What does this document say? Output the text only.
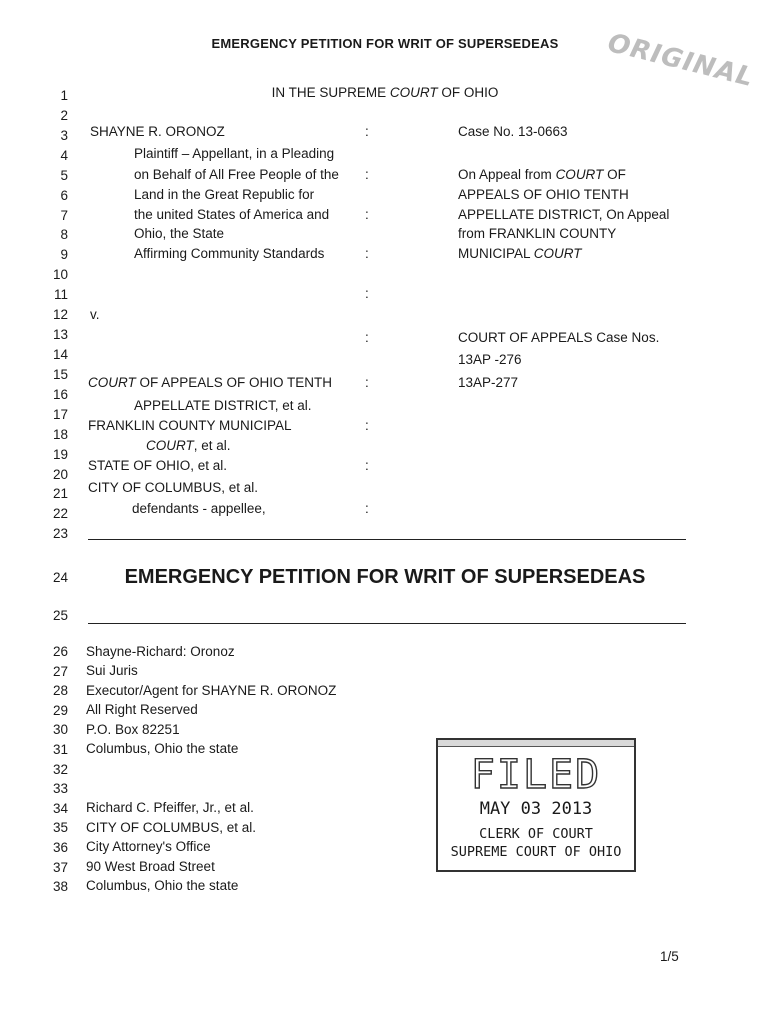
EMERGENCY PETITION FOR WRIT OF SUPERSEDEAS	ORIGINAL
IN THE SUPREME COURT OF OHIO
1
2
3
4
5
6
7
8
9
10
11
12
13
14
15
16
17
18
19
20
21
22
23
24
25
26
27
28
29
30
31
32
33
34
35
36
37
38
SHAYNE R. ORONOZ
Plaintiff – Appellant, in a Pleading
on Behalf of All Free People of the
Land in the Great Republic for
the united States of America and
Ohio, the State
Affirming Community Standards
v.
COURT OF APPEALS OF OHIO TENTH
APPELLATE DISTRICT, et al.
FRANKLIN COUNTY MUNICIPAL
COURT, et al.
STATE OF OHIO, et al.
CITY OF COLUMBUS, et al.
defendants - appellee,
:
:
:
:
:
:
:
:
:
:
Case No. 13-0663
On Appeal from COURT OF
APPEALS OF OHIO TENTH
APPELLATE DISTRICT, On Appeal
from FRANKLIN COUNTY
MUNICIPAL COURT
COURT OF APPEALS Case Nos.
13AP -276
13AP-277
EMERGENCY PETITION FOR WRIT OF SUPERSEDEAS
Shayne-Richard: Oronoz
Sui Juris
Executor/Agent for SHAYNE R. ORONOZ
All Right Reserved
P.O. Box 82251
Columbus, Ohio the state
Richard C. Pfeiffer, Jr., et al.
CITY OF COLUMBUS, et al.
City Attorney's Office
90 West Broad Street
Columbus, Ohio the state
FILED
MAY 03 2013
CLERK OF COURT
SUPREME COURT OF OHIO
1/5
